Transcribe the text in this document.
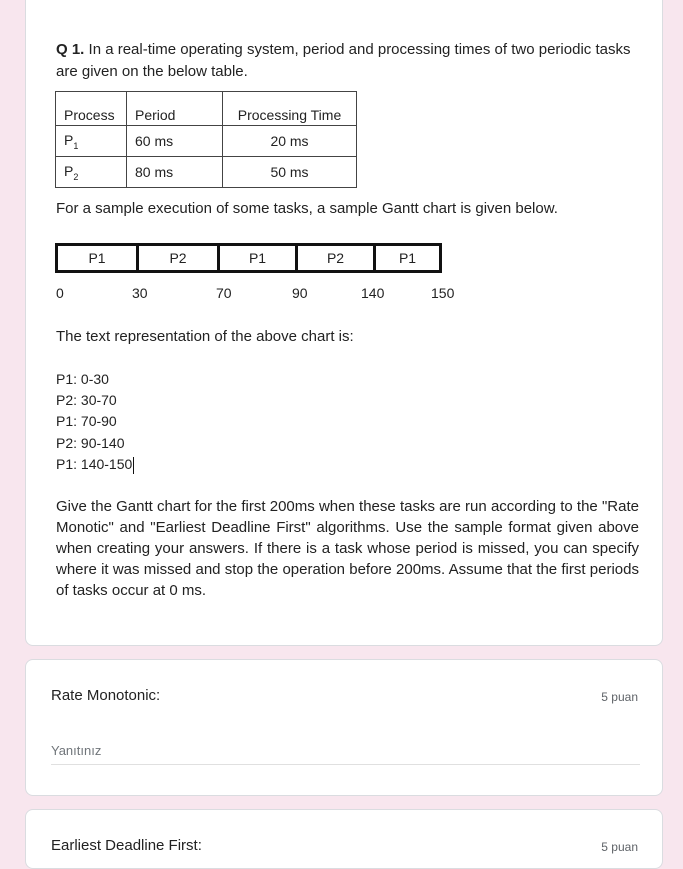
Q 1. In a real-time operating system, period and processing times of two periodic tasks are given on the below table.
Process	Period	Processing Time
$P_1$	60 ms	20 ms
$P_2$	80 ms	50 ms
For a sample execution of some tasks, a sample Gantt chart is given below.
P1	P2	P1	P2	P1
0	30	70	90	140	150
The text representation of the above chart is:
P1: 0-30
P2: 30-70
P1: 70-90
P2: 90-140
P1: 140-150
Give the Gantt chart for the first 200ms when these tasks are run according to the "Rate Monotic" and "Earliest Deadline First" algorithms. Use the sample format given above when creating your answers. If there is a task whose period is missed, you can specify where it was missed and stop the operation before 200ms. Assume that the first periods of tasks occur at 0 ms.
Rate Monotonic:	5 puan
Yanıtınız
Earliest Deadline First:	5 puan
